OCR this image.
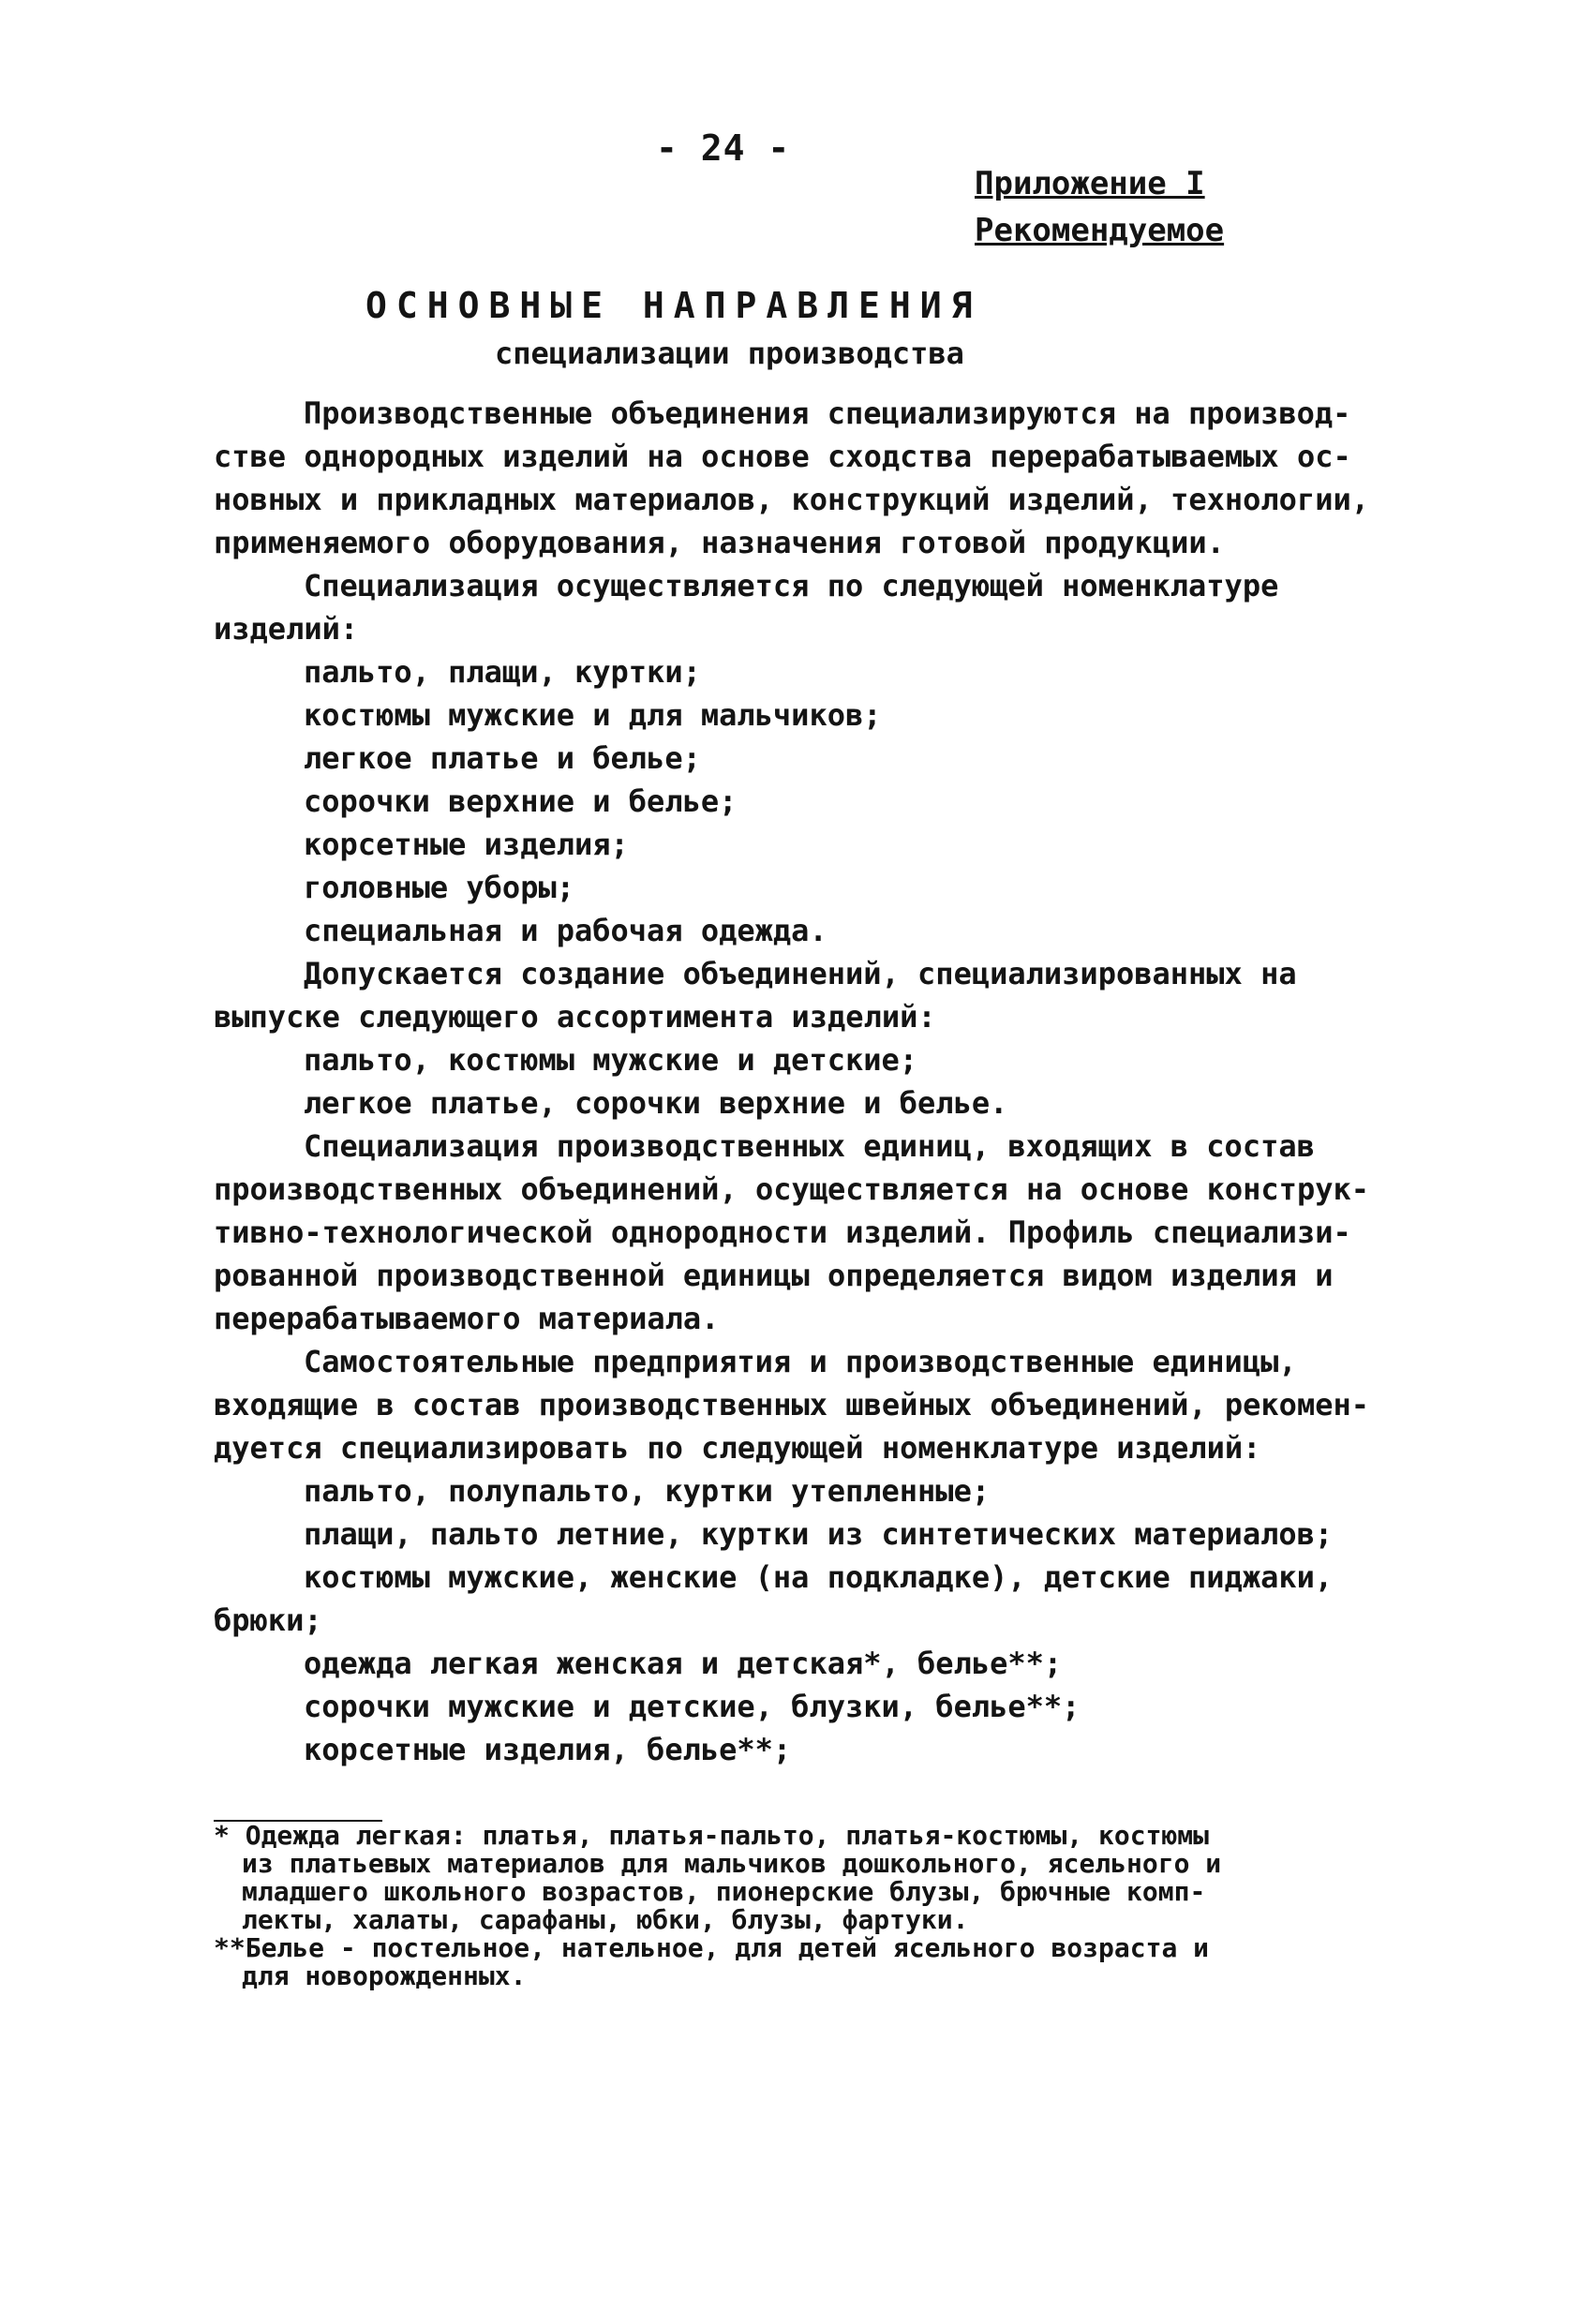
- 24 -
Приложение I
Рекомендуемое
ОСНОВНЫЕ НАПРАВЛЕНИЯ
специализации производства
Производственные объединения специализируются на производ-
стве однородных изделий на основе сходства перерабатываемых ос-
новных и прикладных материалов, конструкций изделий, технологии,
применяемого оборудования, назначения готовой продукции.
Специализация осуществляется по следующей номенклатуре
изделий:
пальто, плащи, куртки;
костюмы мужские и для мальчиков;
легкое платье и белье;
сорочки верхние и белье;
корсетные изделия;
головные уборы;
специальная и рабочая одежда.
Допускается создание объединений, специализированных на
выпуске следующего ассортимента изделий:
пальто, костюмы мужские и детские;
легкое платье, сорочки верхние и белье.
Специализация производственных единиц, входящих в состав
производственных объединений, осуществляется на основе конструк-
тивно-технологической однородности изделий. Профиль специализи-
рованной производственной единицы определяется видом изделия и
перерабатываемого материала.
Самостоятельные предприятия и производственные единицы,
входящие в состав производственных швейных объединений, рекомен-
дуется специализировать по следующей номенклатуре изделий:
пальто, полупальто, куртки утепленные;
плащи, пальто летние, куртки из синтетических материалов;
костюмы мужские, женские (на подкладке), детские пиджаки,
брюки;
одежда легкая женская и детская*, белье**;
сорочки мужские и детские, блузки, белье**;
корсетные изделия, белье**;
* Одежда легкая: платья, платья-пальто, платья-костюмы, костюмы
из платьевых материалов для мальчиков дошкольного, ясельного и
младшего школьного возрастов, пионерские блузы, брючные комп-
лекты, халаты, сарафаны, юбки, блузы, фартуки.
**Белье - постельное, нательное, для детей ясельного возраста и
для новорожденных.
